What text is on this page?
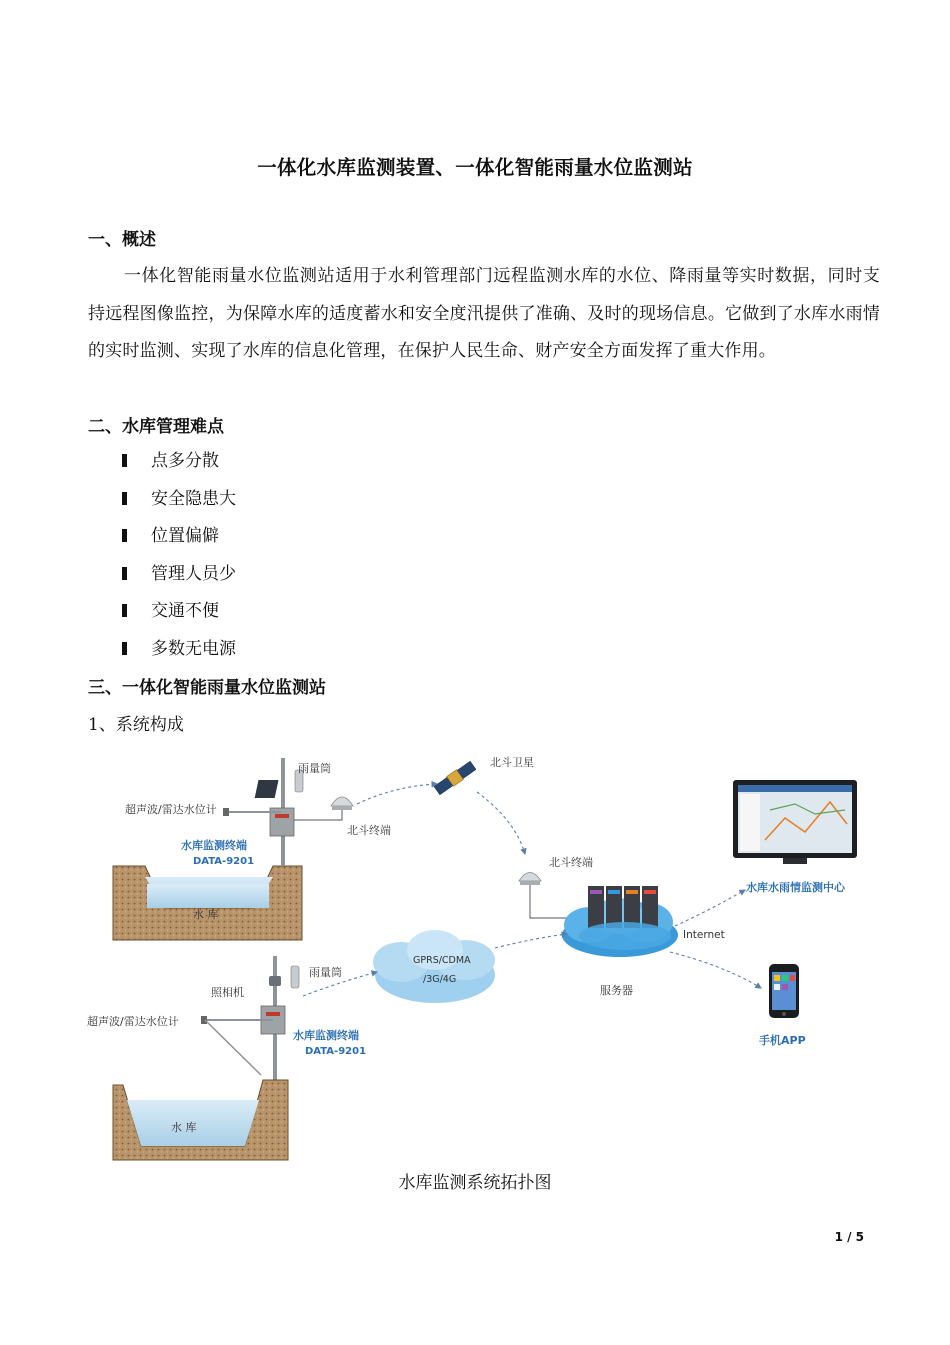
一体化水库监测装置、一体化智能雨量水位监测站
一、概述
一体化智能雨量水位监测站适用于水利管理部门远程监测水库的水位、降雨量等实时数据，同时支持远程图像监控，为保障水库的适度蓄水和安全度汛提供了准确、及时的现场信息。它做到了水库水雨情的实时监测、实现了水库的信息化管理，在保护人民生命、财产安全方面发挥了重大作用。
二、水库管理难点
点多分散
安全隐患大
位置偏僻
管理人员少
交通不便
多数无电源
三、一体化智能雨量水位监测站
1、系统构成
水 库
雨量筒
超声波/雷达水位计
水库监测终端
DATA-9201
北斗终端
北斗卫星
北斗终端
服务器
Internet
水库水雨情监测中心
手机APP
GPRS/CDMA
/3G/4G
雨量筒
照相机
超声波/雷达水位计
水库监测终端
DATA-9201
水 库
水库监测系统拓扑图
1 / 5
